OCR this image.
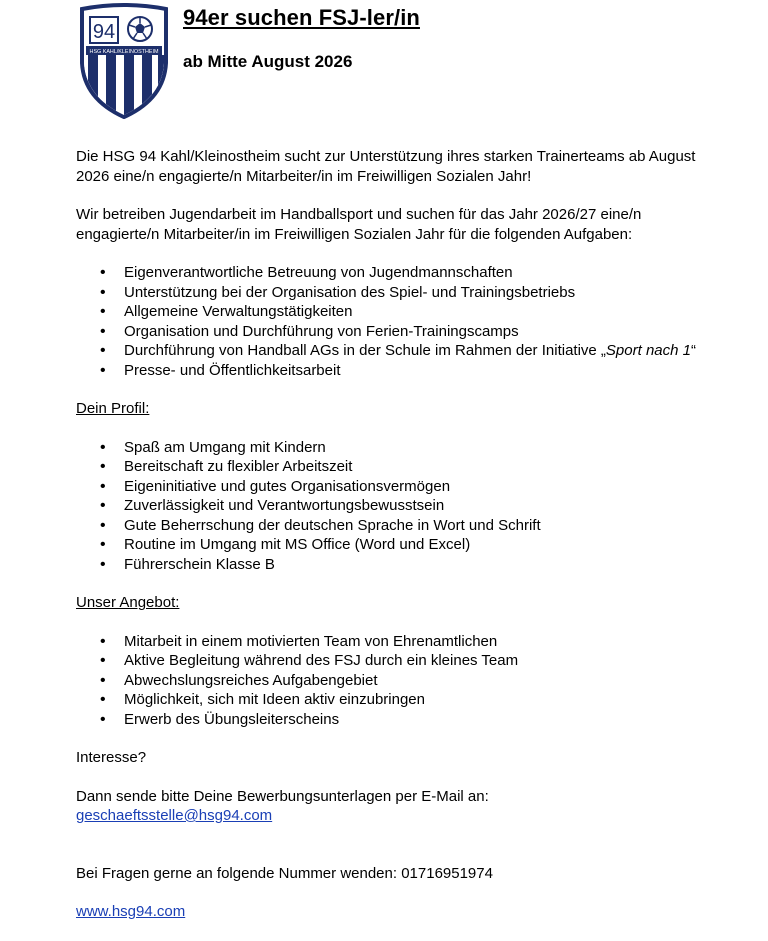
94
HSG KAHL/KLEINOSTHEIM
94er suchen FSJ-ler/in
ab Mitte August 2026

Die HSG 94 Kahl/Kleinostheim sucht zur Unterstützung ihres starken Trainerteams ab August 2026 eine/n engagierte/n Mitarbeiter/in im Freiwilligen Sozialen Jahr!

Wir betreiben Jugendarbeit im Handballsport und suchen für das Jahr 2026/27 eine/n engagierte/n Mitarbeiter/in im Freiwilligen Sozialen Jahr für die folgenden Aufgaben:

• Eigenverantwortliche Betreuung von Jugendmannschaften
• Unterstützung bei der Organisation des Spiel- und Trainingsbetriebs
• Allgemeine Verwaltungstätigkeiten
• Organisation und Durchführung von Ferien-Trainingscamps
• Durchführung von Handball AGs in der Schule im Rahmen der Initiative „Sport nach 1“
• Presse- und Öffentlichkeitsarbeit

Dein Profil:

• Spaß am Umgang mit Kindern
• Bereitschaft zu flexibler Arbeitszeit
• Eigeninitiative und gutes Organisationsvermögen
• Zuverlässigkeit und Verantwortungsbewusstsein
• Gute Beherrschung der deutschen Sprache in Wort und Schrift
• Routine im Umgang mit MS Office (Word und Excel)
• Führerschein Klasse B

Unser Angebot:

• Mitarbeit in einem motivierten Team von Ehrenamtlichen
• Aktive Begleitung während des FSJ durch ein kleines Team
• Abwechslungsreiches Aufgabengebiet
• Möglichkeit, sich mit Ideen aktiv einzubringen
• Erwerb des Übungsleiterscheins

Interesse?

Dann sende bitte Deine Bewerbungsunterlagen per E-Mail an:

geschaeftsstelle@hsg94.com

Bei Fragen gerne an folgende Nummer wenden: 01716951974

www.hsg94.com
